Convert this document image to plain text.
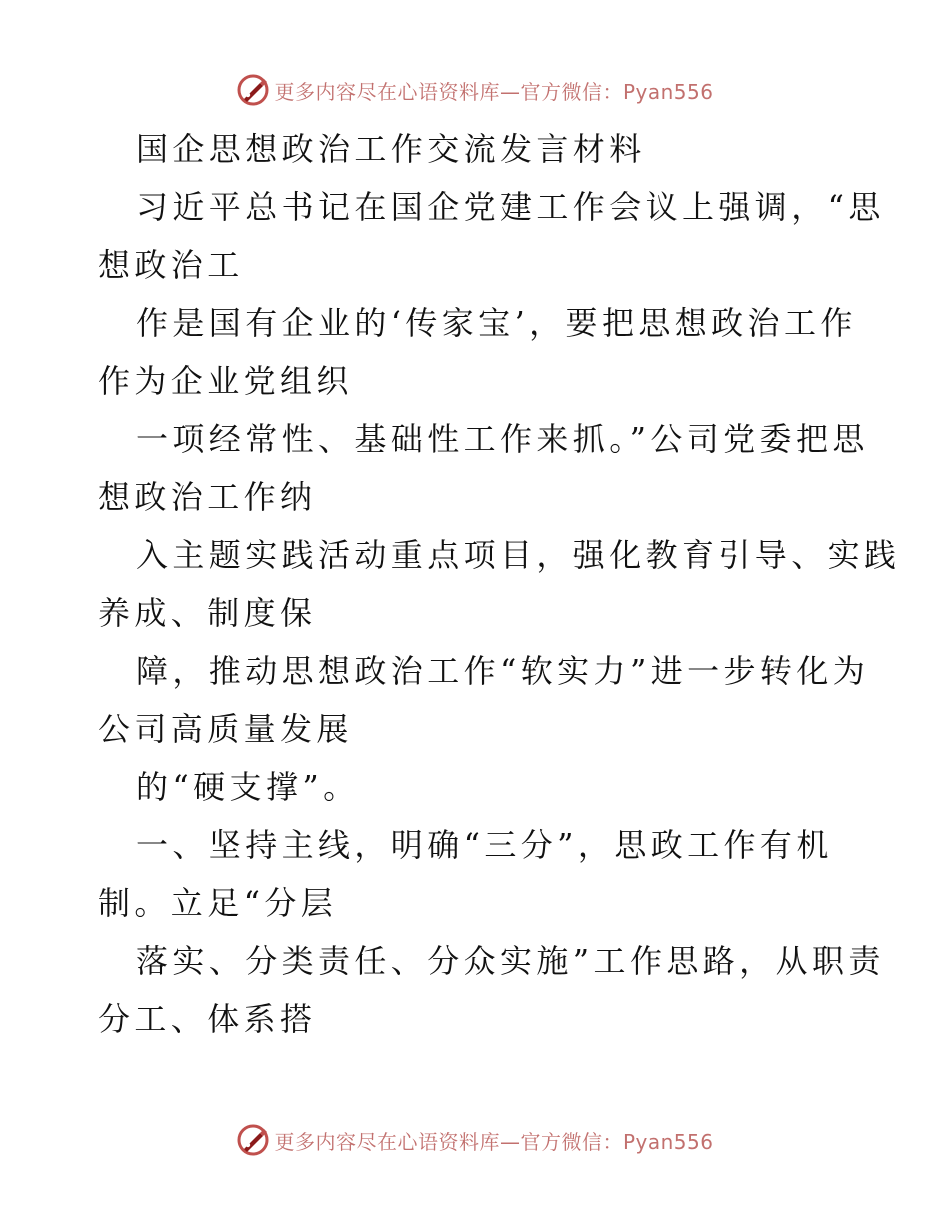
更多内容尽在心语资料库—官方微信：Pyan556
国企思想政治工作交流发言材料
习近平总书记在国企党建工作会议上强调，“思
想政治工
作是国有企业的‘传家宝’，要把思想政治工作
作为企业党组织
一项经常性、基础性工作来抓。”公司党委把思
想政治工作纳
入主题实践活动重点项目，强化教育引导、实践
养成、制度保
障，推动思想政治工作“软实力”进一步转化为
公司高质量发展
的“硬支撑”。
一、坚持主线，明确“三分”，思政工作有机
制。立足“分层
落实、分类责任、分众实施”工作思路，从职责
分工、体系搭
更多内容尽在心语资料库—官方微信：Pyan556
